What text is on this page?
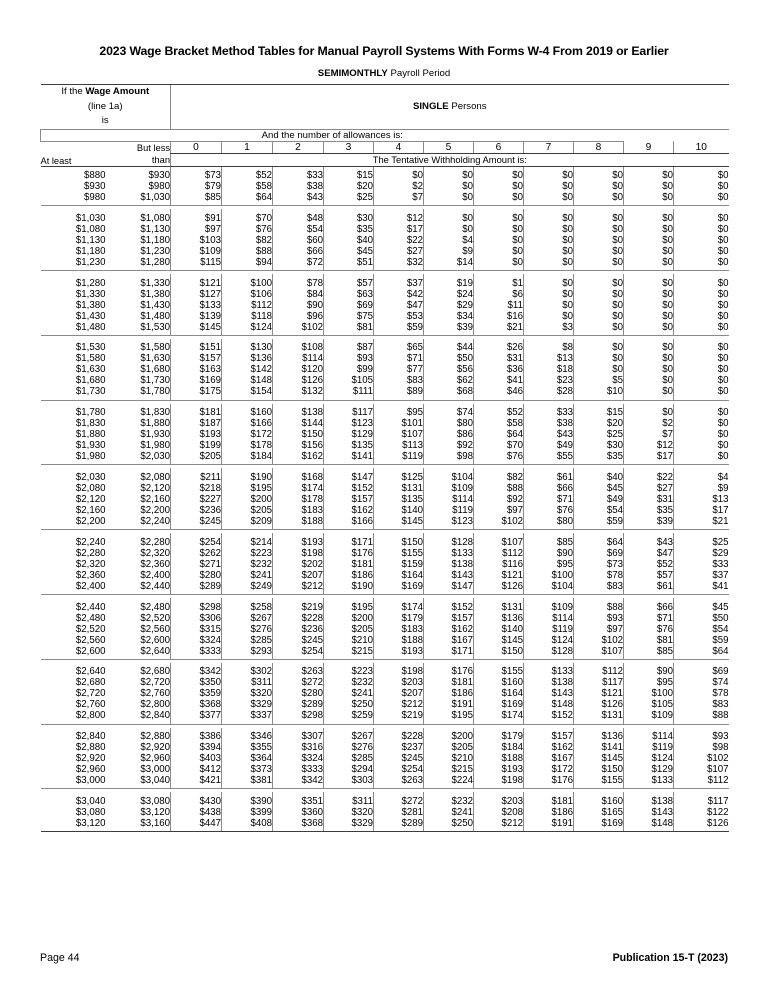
2023 Wage Bracket Method Tables for Manual Payroll Systems With Forms W-4 From 2019 or Earlier
SEMIMONTHLY Payroll Period
If the Wage Amount
(line 1a)
is		SINGLE Persons										
And the number of allowances is:												
	But less	0	1	2	3	4	5	6	7	8	9	10
At least	than	The Tentative Withholding Amount is:										
$880	$930	$73	$52	$33	$15	$0	$0	$0	$0	$0	$0	$0
$930	$980	$79	$58	$38	$20	$2	$0	$0	$0	$0	$0	$0
$980	$1,030	$85	$64	$43	$25	$7	$0	$0	$0	$0	$0	$0

$1,030	$1,080	$91	$70	$48	$30	$12	$0	$0	$0	$0	$0	$0
$1,080	$1,130	$97	$76	$54	$35	$17	$0	$0	$0	$0	$0	$0
$1,130	$1,180	$103	$82	$60	$40	$22	$4	$0	$0	$0	$0	$0
$1,180	$1,230	$109	$88	$66	$45	$27	$9	$0	$0	$0	$0	$0
$1,230	$1,280	$115	$94	$72	$51	$32	$14	$0	$0	$0	$0	$0

$1,280	$1,330	$121	$100	$78	$57	$37	$19	$1	$0	$0	$0	$0
$1,330	$1,380	$127	$106	$84	$63	$42	$24	$6	$0	$0	$0	$0
$1,380	$1,430	$133	$112	$90	$69	$47	$29	$11	$0	$0	$0	$0
$1,430	$1,480	$139	$118	$96	$75	$53	$34	$16	$0	$0	$0	$0
$1,480	$1,530	$145	$124	$102	$81	$59	$39	$21	$3	$0	$0	$0

$1,530	$1,580	$151	$130	$108	$87	$65	$44	$26	$8	$0	$0	$0
$1,580	$1,630	$157	$136	$114	$93	$71	$50	$31	$13	$0	$0	$0
$1,630	$1,680	$163	$142	$120	$99	$77	$56	$36	$18	$0	$0	$0
$1,680	$1,730	$169	$148	$126	$105	$83	$62	$41	$23	$5	$0	$0
$1,730	$1,780	$175	$154	$132	$111	$89	$68	$46	$28	$10	$0	$0

$1,780	$1,830	$181	$160	$138	$117	$95	$74	$52	$33	$15	$0	$0
$1,830	$1,880	$187	$166	$144	$123	$101	$80	$58	$38	$20	$2	$0
$1,880	$1,930	$193	$172	$150	$129	$107	$86	$64	$43	$25	$7	$0
$1,930	$1,980	$199	$178	$156	$135	$113	$92	$70	$49	$30	$12	$0
$1,980	$2,030	$205	$184	$162	$141	$119	$98	$76	$55	$35	$17	$0

$2,030	$2,080	$211	$190	$168	$147	$125	$104	$82	$61	$40	$22	$4
$2,080	$2,120	$218	$195	$174	$152	$131	$109	$88	$66	$45	$27	$9
$2,120	$2,160	$227	$200	$178	$157	$135	$114	$92	$71	$49	$31	$13
$2,160	$2,200	$236	$205	$183	$162	$140	$119	$97	$76	$54	$35	$17
$2,200	$2,240	$245	$209	$188	$166	$145	$123	$102	$80	$59	$39	$21

$2,240	$2,280	$254	$214	$193	$171	$150	$128	$107	$85	$64	$43	$25
$2,280	$2,320	$262	$223	$198	$176	$155	$133	$112	$90	$69	$47	$29
$2,320	$2,360	$271	$232	$202	$181	$159	$138	$116	$95	$73	$52	$33
$2,360	$2,400	$280	$241	$207	$186	$164	$143	$121	$100	$78	$57	$37
$2,400	$2,440	$289	$249	$212	$190	$169	$147	$126	$104	$83	$61	$41

$2,440	$2,480	$298	$258	$219	$195	$174	$152	$131	$109	$88	$66	$45
$2,480	$2,520	$306	$267	$228	$200	$179	$157	$136	$114	$93	$71	$50
$2,520	$2,560	$315	$276	$236	$205	$183	$162	$140	$119	$97	$76	$54
$2,560	$2,600	$324	$285	$245	$210	$188	$167	$145	$124	$102	$81	$59
$2,600	$2,640	$333	$293	$254	$215	$193	$171	$150	$128	$107	$85	$64

$2,640	$2,680	$342	$302	$263	$223	$198	$176	$155	$133	$112	$90	$69
$2,680	$2,720	$350	$311	$272	$232	$203	$181	$160	$138	$117	$95	$74
$2,720	$2,760	$359	$320	$280	$241	$207	$186	$164	$143	$121	$100	$78
$2,760	$2,800	$368	$329	$289	$250	$212	$191	$169	$148	$126	$105	$83
$2,800	$2,840	$377	$337	$298	$259	$219	$195	$174	$152	$131	$109	$88

$2,840	$2,880	$386	$346	$307	$267	$228	$200	$179	$157	$136	$114	$93
$2,880	$2,920	$394	$355	$316	$276	$237	$205	$184	$162	$141	$119	$98
$2,920	$2,960	$403	$364	$324	$285	$245	$210	$188	$167	$145	$124	$102
$2,960	$3,000	$412	$373	$333	$294	$254	$215	$193	$172	$150	$129	$107
$3,000	$3,040	$421	$381	$342	$303	$263	$224	$198	$176	$155	$133	$112

$3,040	$3,080	$430	$390	$351	$311	$272	$232	$203	$181	$160	$138	$117
$3,080	$3,120	$438	$399	$360	$320	$281	$241	$208	$186	$165	$143	$122
$3,120	$3,160	$447	$408	$368	$329	$289	$250	$212	$191	$169	$148	$126
Page 44	Publication 15-T (2023)
